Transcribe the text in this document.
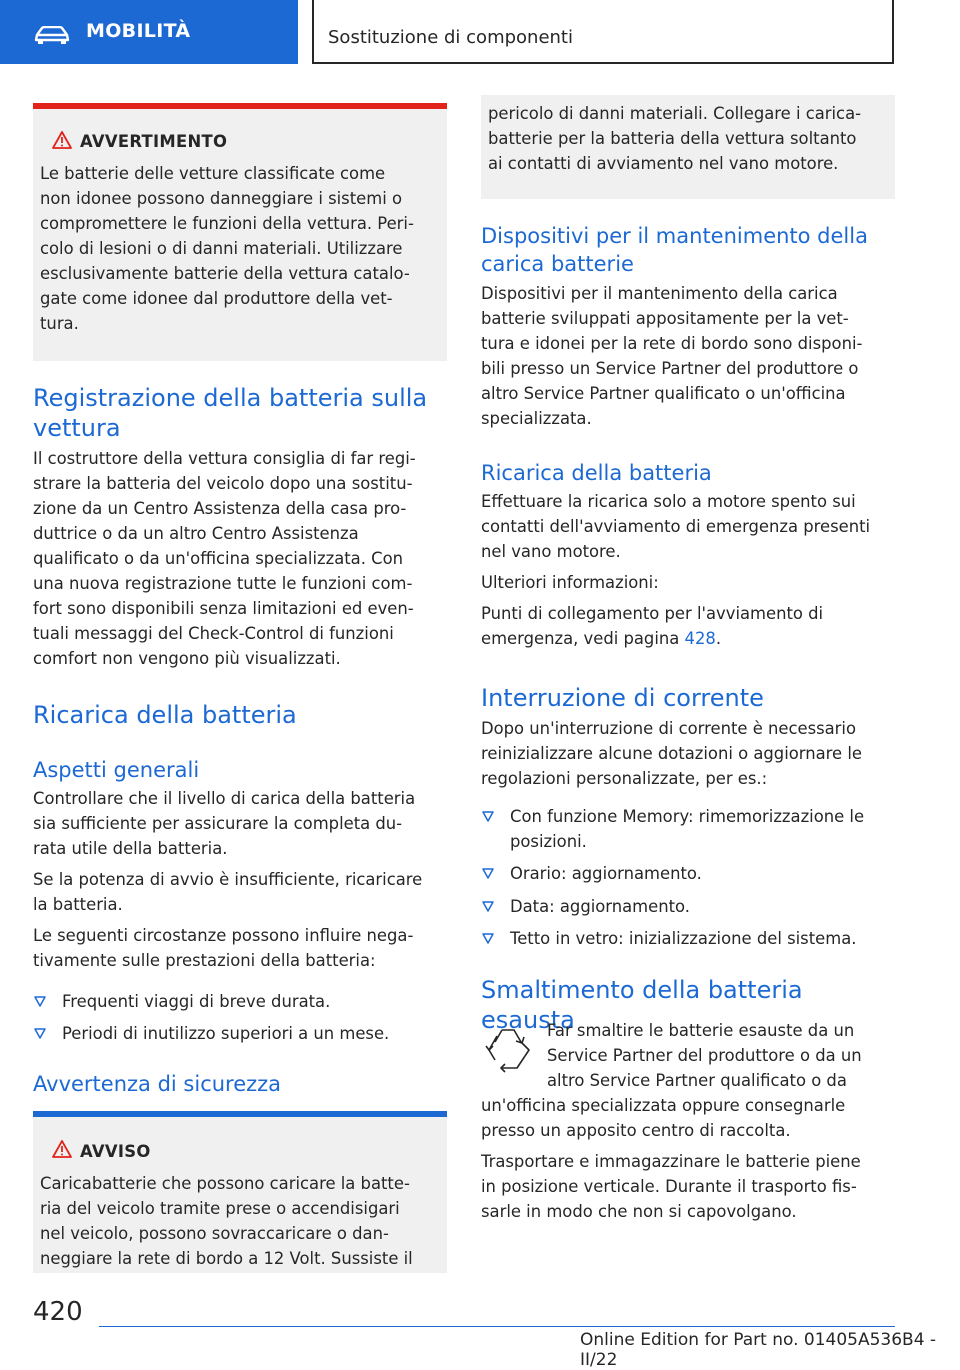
MOBILITÀ	Sostituzione di componenti
AVVERTIMENTO

Le batterie delle vetture classificate come

non idonee possono danneggiare i sistemi o

compromettere le funzioni della vettura. Peri-

colo di lesioni o di danni materiali. Utilizzare

esclusivamente batterie della vettura catalo-

gate come idonee dal produttore della vet-

tura.

Registrazione della batteria sulla
vettura

Il costruttore della vettura consiglia di far regi-

strare la batteria del veicolo dopo una sostitu-

zione da un Centro Assistenza della casa pro-

duttrice o da un altro Centro Assistenza

qualificato o da un'officina specializzata. Con

una nuova registrazione tutte le funzioni com-

fort sono disponibili senza limitazioni ed even-

tuali messaggi del Check-Control di funzioni

comfort non vengono più visualizzati.

Ricarica della batteria
Aspetti generali

Controllare che il livello di carica della batteria

sia sufficiente per assicurare la completa du-

rata utile della batteria.

Se la potenza di avvio è insufficiente, ricaricare

la batteria.

Le seguenti circostanze possono influire nega-

tivamente sulle prestazioni della batteria:

Frequenti viaggi di breve durata.
Periodi di inutilizzo superiori a un mese.
Avvertenza di sicurezza
AVVISO

Caricabatterie che possono caricare la batte-

ria del veicolo tramite prese o accendisigari

nel veicolo, possono sovraccaricare o dan-

neggiare la rete di bordo a 12 Volt. Sussiste il

pericolo di danni materiali. Collegare i carica-

batterie per la batteria della vettura soltanto

ai contatti di avviamento nel vano motore.

Dispositivi per il mantenimento della
carica batterie

Dispositivi per il mantenimento della carica

batterie sviluppati appositamente per la vet-

tura e idonei per la rete di bordo sono disponi-

bili presso un Service Partner del produttore o

altro Service Partner qualificato o un'officina

specializzata.

Ricarica della batteria

Effettuare la ricarica solo a motore spento sui

contatti dell'avviamento di emergenza presenti

nel vano motore.

Ulteriori informazioni:

Punti di collegamento per l'avviamento di

emergenza, vedi pagina 428.

Interruzione di corrente

Dopo un'interruzione di corrente è necessario

reinizializzare alcune dotazioni o aggiornare le

regolazioni personalizzate, per es.:

Con funzione Memory: rimemorizzazione le
posizioni.
Orario: aggiornamento.
Data: aggiornamento.
Tetto in vetro: inizializzazione del sistema.
Smaltimento della batteria esausta

Far smaltire le batterie esauste da un

Service Partner del produttore o da un

altro Service Partner qualificato o da

un'officina specializzata oppure consegnarle

presso un apposito centro di raccolta.

Trasportare e immagazzinare le batterie piene

in posizione verticale. Durante il trasporto fis-

sarle in modo che non si capovolgano.

420
Online Edition for Part no. 01405A536B4 - II/22
